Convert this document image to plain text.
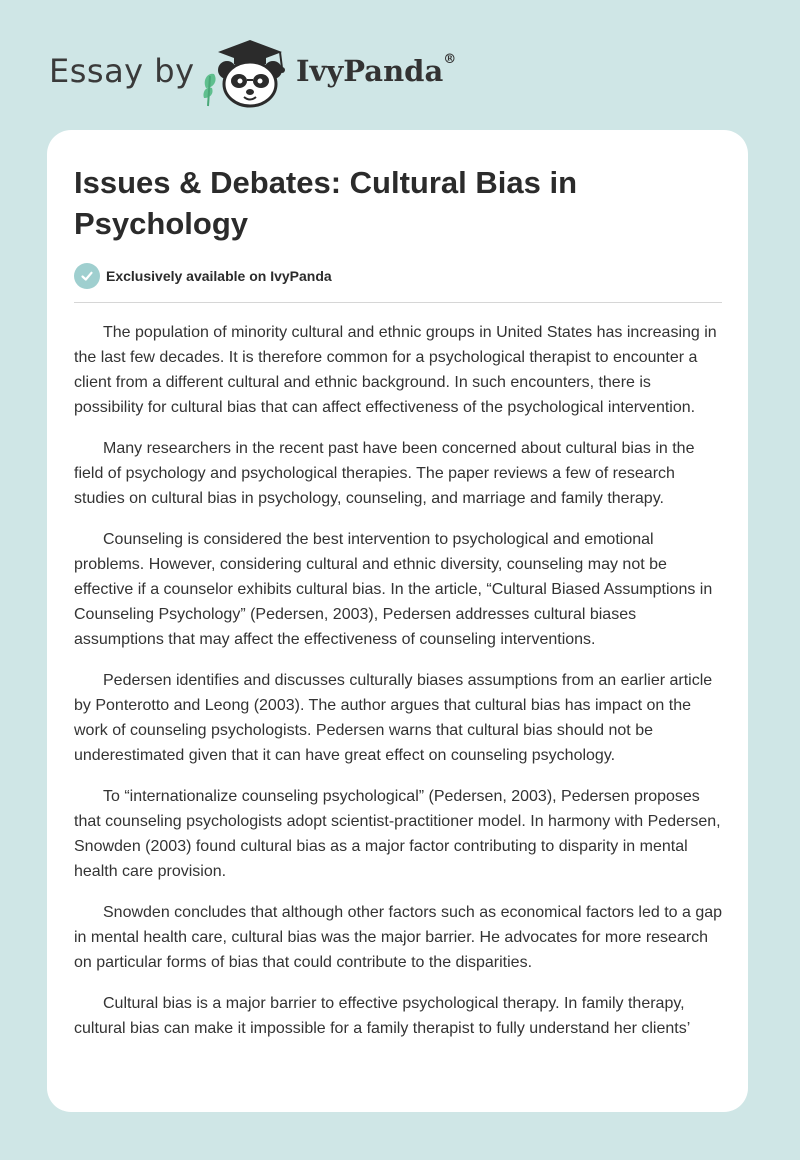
Essay by	IvyPanda®
Issues & Debates: Cultural Bias in Psychology
Exclusively available on IvyPanda

The population of minority cultural and ethnic groups in United States has increasing in the last few decades. It is therefore common for a psychological therapist to encounter a client from a different cultural and ethnic background. In such encounters, there is possibility for cultural bias that can affect effectiveness of the psychological intervention.

Many researchers in the recent past have been concerned about cultural bias in the field of psychology and psychological therapies. The paper reviews a few of research studies on cultural bias in psychology, counseling, and marriage and family therapy.

Counseling is considered the best intervention to psychological and emotional problems. However, considering cultural and ethnic diversity, counseling may not be effective if a counselor exhibits cultural bias. In the article, “Cultural Biased Assumptions in Counseling Psychology” (Pedersen, 2003), Pedersen addresses cultural biases assumptions that may affect the effectiveness of counseling interventions.

Pedersen identifies and discusses culturally biases assumptions from an earlier article by Ponterotto and Leong (2003). The author argues that cultural bias has impact on the work of counseling psychologists. Pedersen warns that cultural bias should not be underestimated given that it can have great effect on counseling psychology.

To “internationalize counseling psychological” (Pedersen, 2003), Pedersen proposes that counseling psychologists adopt scientist-practitioner model. In harmony with Pedersen, Snowden (2003) found cultural bias as a major factor contributing to disparity in mental health care provision.

Snowden concludes that although other factors such as economical factors led to a gap in mental health care, cultural bias was the major barrier. He advocates for more research on particular forms of bias that could contribute to the disparities.

Cultural bias is a major barrier to effective psychological therapy. In family therapy, cultural bias can make it impossible for a family therapist to fully understand her clients’
